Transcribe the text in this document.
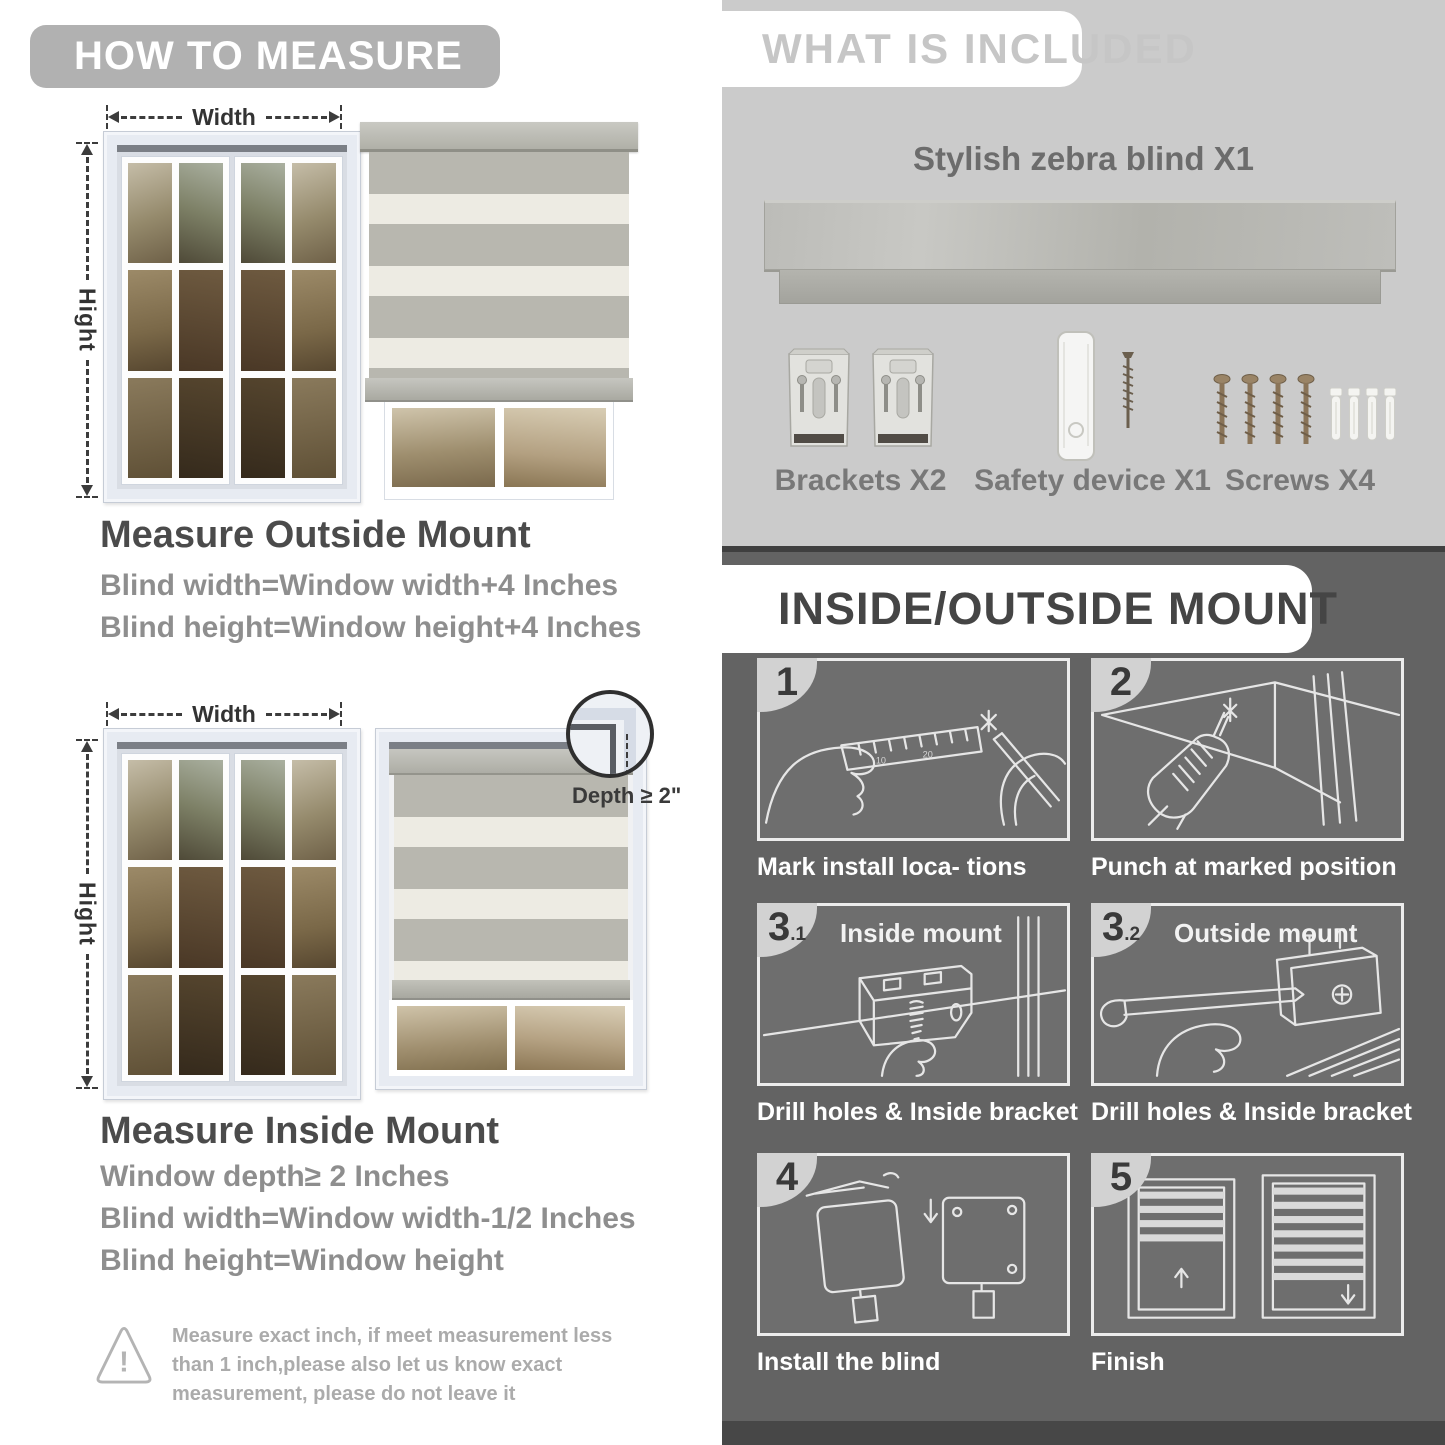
HOW TO MEASURE
Width
Hight
Measure Outside Mount
Blind width=Window width+4 Inches
Blind height=Window height+4 Inches
Width
Hight
Depth ≥ 2"
Measure Inside Mount
Window depth≥ 2 Inches
Blind width=Window width-1/2 Inches
Blind height=Window height
!
Measure exact inch, if meet measurement less than 1 inch,please also let us know exact measurement, please do not leave it
WHAT IS INCLUDED
Stylish zebra blind X1
Brackets X2 Safety device X1 Screws X4
INSIDE/OUTSIDE MOUNT
10
20
1
Mark install loca- tions
2
Punch at marked position
3 .1 Inside mount
Drill holes & Inside bracket
3 .2 Outside mount
Drill holes & Inside bracket
4
Install the blind
5
Finish
